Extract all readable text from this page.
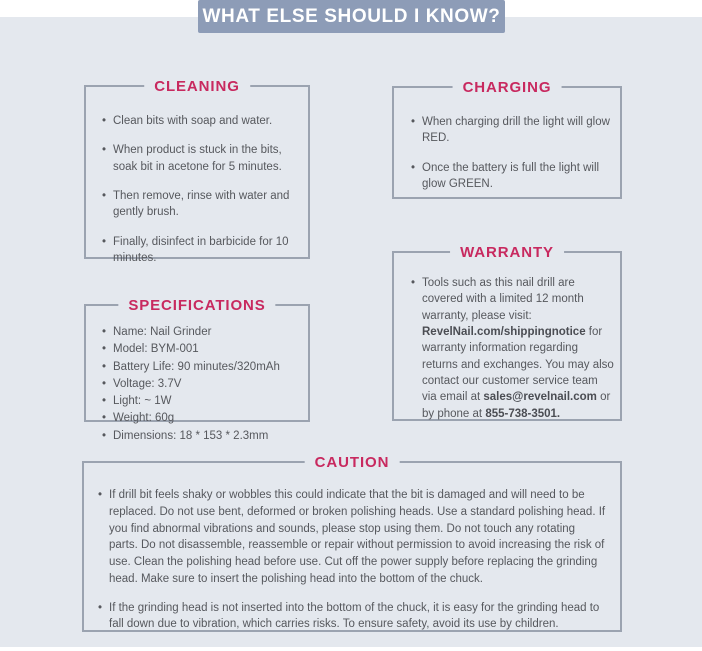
CLEANING
• Clean bits with soap and water.
• When product is stuck in the bits, soak bit in acetone for 5 minutes.
• Then remove, rinse with water and gently brush.
• Finally, disinfect in barbicide for 10 minutes.
CHARGING
• When charging drill the light will glow RED.
• Once the battery is full the light will glow GREEN.
SPECIFICATIONS
• Name: Nail Grinder
• Model: BYM-001
• Battery Life: 90 minutes/320mAh
• Voltage: 3.7V
• Light: ~ 1W
• Weight: 60g
• Dimensions: 18 * 153 * 2.3mm
WARRANTY
• Tools such as this nail drill are covered with a limited 12 month warranty, please visit: RevelNail.com/shippingnotice for warranty information regarding returns and exchanges. You may also contact our customer service team via email at sales@revelnail.com or by phone at 855-738-3501.
CAUTION
• If drill bit feels shaky or wobbles this could indicate that the bit is damaged and will need to be replaced. Do not use bent, deformed or broken polishing heads. Use a standard polishing head. If you find abnormal vibrations and sounds, please stop using them. Do not touch any rotating parts. Do not disassemble, reassemble or repair without permission to avoid increasing the risk of use. Clean the polishing head before use. Cut off the power supply before replacing the grinding head. Make sure to insert the polishing head into the bottom of the chuck.
• If the grinding head is not inserted into the bottom of the chuck, it is easy for the grinding head to fall down due to vibration, which carries risks. To ensure safety, avoid its use by children.
WHAT ELSE SHOULD I KNOW?
